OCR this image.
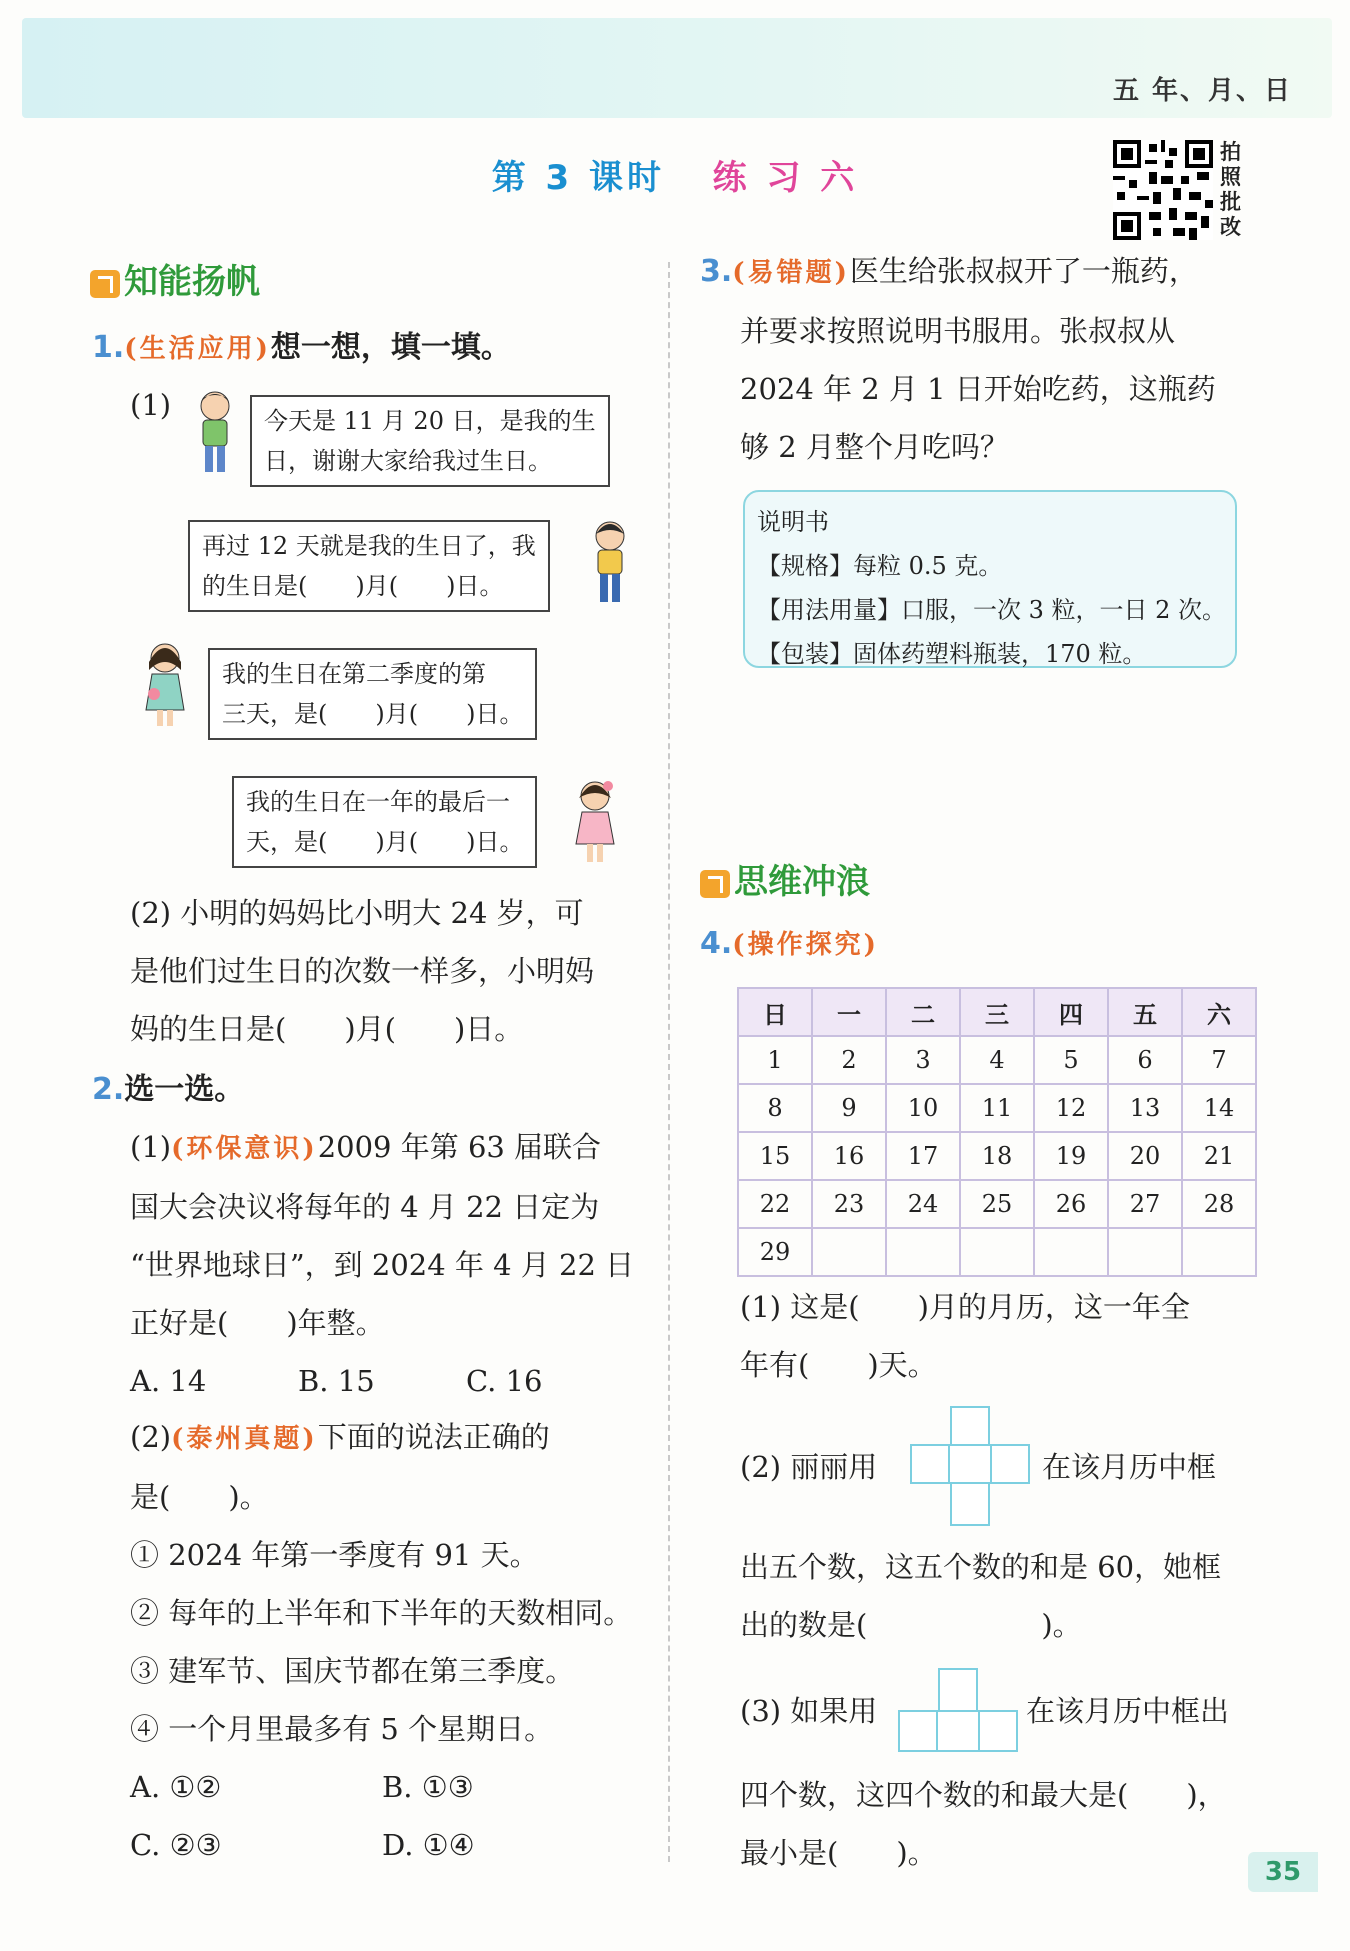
五 年、月、日
第 3 课时 练 习 六
拍照批改
知能扬帆
1.(生活应用)想一想，填一填。
(1)	今天是 11 月 20 日，是我的生
日，谢谢大家给我过生日。
再过 12 天就是我的生日了，我
的生日是(　　)月(　　)日。
我的生日在第二季度的第
三天，是(　　)月(　　)日。
我的生日在一年的最后一
天，是(　　)月(　　)日。
(2) 小明的妈妈比小明大 24 岁，可
是他们过生日的次数一样多，小明妈
妈的生日是(　　)月(　　)日。
2.选一选。
(1)(环保意识)2009 年第 63 届联合
国大会决议将每年的 4 月 22 日定为
“世界地球日”，到 2024 年 4 月 22 日
正好是(　　)年整。
A. 14	B. 15	C. 16
(2)(泰州真题)下面的说法正确的
是(　　)。
① 2024 年第一季度有 91 天。
② 每年的上半年和下半年的天数相同。
③ 建军节、国庆节都在第三季度。
④ 一个月里最多有 5 个星期日。
A. ①②	B. ①③
C. ②③	D. ①④
3.(易错题)医生给张叔叔开了一瓶药，
并要求按照说明书服用。张叔叔从
2024 年 2 月 1 日开始吃药，这瓶药
够 2 月整个月吃吗？
说明书
【规格】每粒 0.5 克。
【用法用量】口服，一次 3 粒，一日 2 次。
【包装】固体药塑料瓶装，170 粒。
思维冲浪
4.(操作探究)
日	一	二	三	四	五	六
1	2	3	4	5	6	7
8	9	10	11	12	13	14
15	16	17	18	19	20	21
22	23	24	25	26	27	28
29						
(1) 这是(　　)月的月历，这一年全
年有(　　)天。
(2) 丽丽用	在该月历中框
出五个数，这五个数的和是 60，她框
出的数是(　　　　　　)。
(3) 如果用	在该月历中框出
四个数，这四个数的和最大是(　　)，
最小是(　　)。
35
